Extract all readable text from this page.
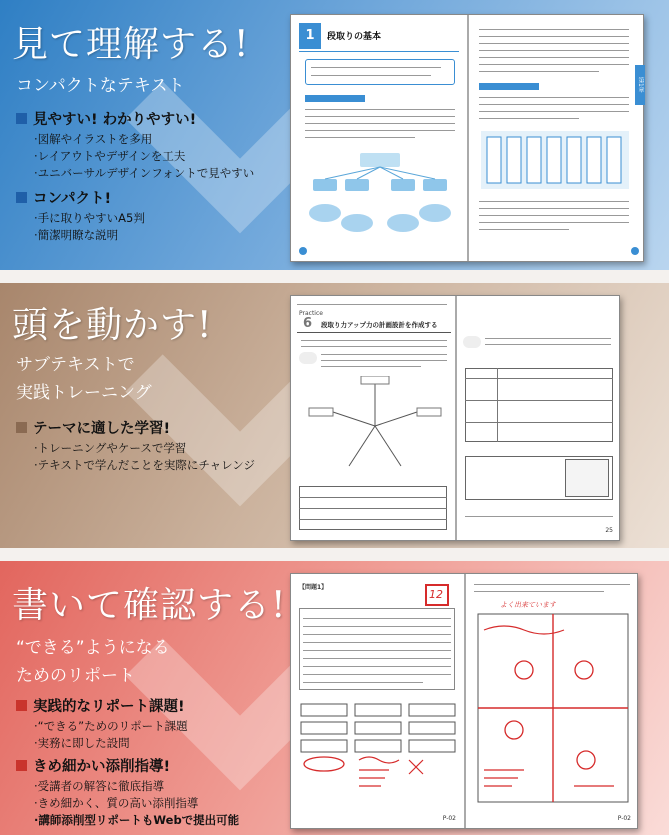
見て理解する!
コンパクトなテキスト
見やすい! わかりやすい!
·図解やイラストを多用
·レイアウトやデザインを工夫
·ユニバーサルデザインフォントで見やすい
コンパクト!
·手に取りやすいA5判
·簡潔明瞭な説明
1	段取りの基本
第1章
頭を動かす!
サブテキストで
実践トレーニング
テーマに適した学習!
·トレーニングやケースで学習
·テキストで学んだことを実際にチャレンジ
Practice
6 段取り力アップ力の計画設計を作成する
25
書いて確認する!
“できる”ようになる
ためのリポート
実践的なリポート課題!
·“できる”ためのリポート課題
·実務に即した設問
きめ細かい添削指導!
·受講者の解答に徹底指導
·きめ細かく、質の高い添削指導
·講師添削型リポートもWebで提出可能
【問題1】
12
P-02
よく出来ています
P-02
